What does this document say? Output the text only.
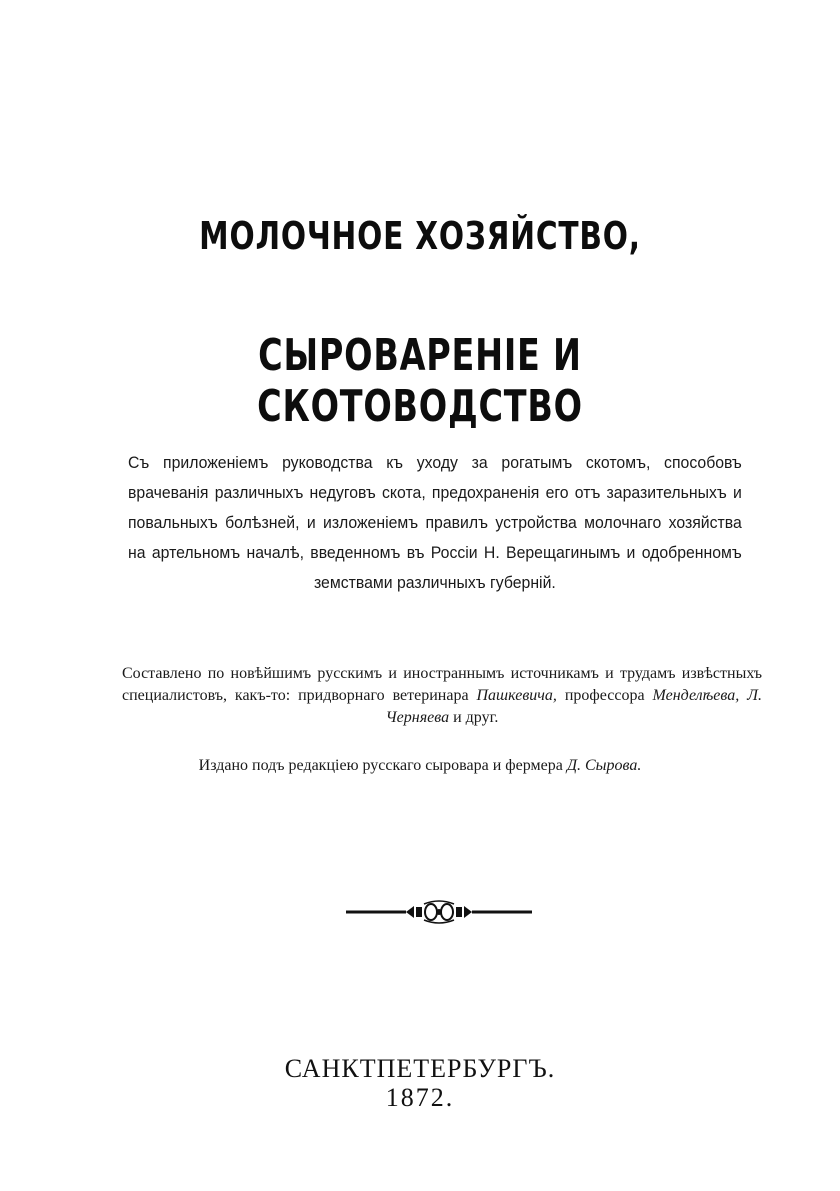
МОЛОЧНОЕ ХОЗЯЙСТВО,
СЫРОВАРЕНІЕ И СКОТОВОДСТВО
Съ приложеніемъ руководства къ уходу за рогатымъ скотомъ, способовъ врачеванія различныхъ недуговъ скота, предохраненія его отъ заразительныхъ и повальныхъ болѣзней, и изложеніемъ правилъ устройства молочнаго хозяйства на артельномъ началѣ, введенномъ въ Россіи Н. Верещагинымъ и одобренномъ земствами различныхъ губерній.
Составлено по новѣйшимъ русскимъ и иностраннымъ источникамъ и трудамъ извѣстныхъ специалистовъ, какъ-то: придворнаго ветеринара Пашкевича, профессора Менделѣева, Л. Черняева и друг.
Издано подъ редакціею русскаго сыровара и фермера Д. Сырова.
САНКТПЕТЕРБУРГЪ.
1872.
